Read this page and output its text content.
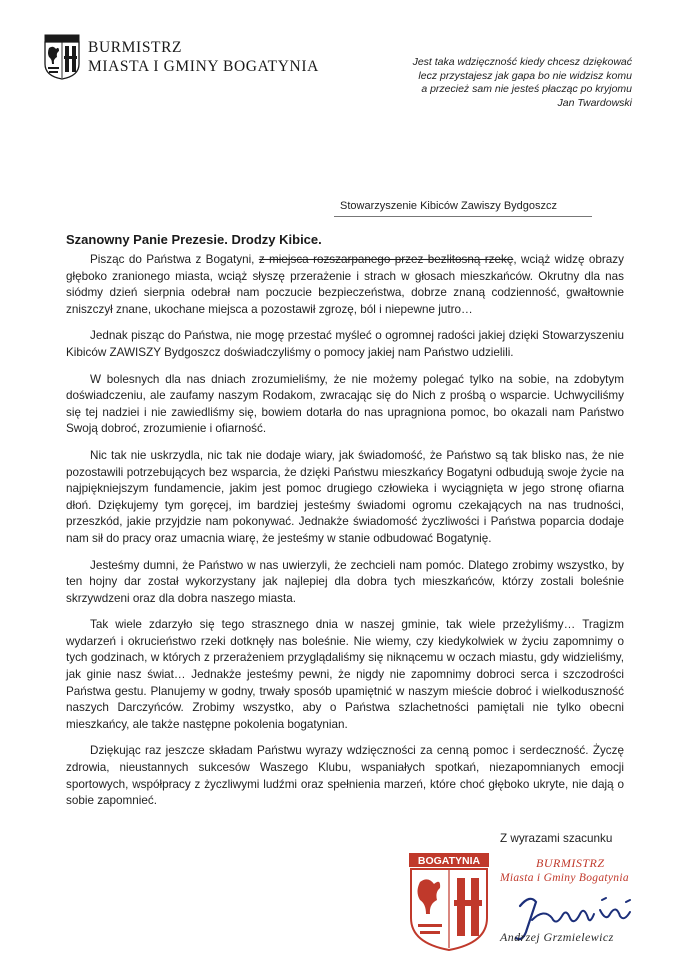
BURMISTRZ
MIASTA I GMINY BOGATYNIA	Jest taka wdzięczność kiedy chcesz dziękować
lecz przystajesz jak gapa bo nie widzisz komu
a przecież sam nie jesteś płacząc po kryjomu
Jan Twardowski
Stowarzyszenie Kibiców Zawiszy Bydgoszcz
Szanowny Panie Prezesie. Drodzy Kibice.

Pisząc do Państwa z Bogatyni, z miejsca rozszarpanego przez bezlitosną rzekę, wciąż widzę obrazy głęboko zranionego miasta, wciąż słyszę przerażenie i strach w głosach mieszkańców. Okrutny dla nas siódmy dzień sierpnia odebrał nam poczucie bezpieczeństwa, dobrze znaną codzienność, gwałtownie zniszczył znane, ukochane miejsca a pozostawił zgrozę, ból i niepewne jutro…

Jednak pisząc do Państwa, nie mogę przestać myśleć o ogromnej radości jakiej dzięki Stowarzyszeniu Kibiców ZAWISZY Bydgoszcz doświadczyliśmy o pomocy jakiej nam Państwo udzielili.

W bolesnych dla nas dniach zrozumieliśmy, że nie możemy polegać tylko na sobie, na zdobytym doświadczeniu, ale zaufamy naszym Rodakom, zwracając się do Nich z prośbą o wsparcie. Uchwyciliśmy się tej nadziei i nie zawiedliśmy się, bowiem dotarła do nas upragniona pomoc, bo okazali nam Państwo Swoją dobroć, zrozumienie i ofiarność.

Nic tak nie uskrzydla, nic tak nie dodaje wiary, jak świadomość, że Państwo są tak blisko nas, że nie pozostawili potrzebujących bez wsparcia, że dzięki Państwu mieszkańcy Bogatyni odbudują swoje życie na najpiękniejszym fundamencie, jakim jest pomoc drugiego człowieka i wyciągnięta w jego stronę ofiarna dłoń. Dziękujemy tym goręcej, im bardziej jesteśmy świadomi ogromu czekających na nas trudności, przeszkód, jakie przyjdzie nam pokonywać. Jednakże świadomość życzliwości i Państwa poparcia dodaje nam sił do pracy oraz umacnia wiarę, że jesteśmy w stanie odbudować Bogatynię.

Jesteśmy dumni, że Państwo w nas uwierzyli, że zechcieli nam pomóc. Dlatego zrobimy wszystko, by ten hojny dar został wykorzystany jak najlepiej dla dobra tych mieszkańców, którzy zostali boleśnie skrzywdzeni oraz dla dobra naszego miasta.

Tak wiele zdarzyło się tego strasznego dnia w naszej gminie, tak wiele przeżyliśmy… Tragizm wydarzeń i okrucieństwo rzeki dotknęły nas boleśnie. Nie wiemy, czy kiedykolwiek w życiu zapomnimy o tych godzinach, w których z przerażeniem przyglądaliśmy się niknącemu w oczach miastu, gdy widzieliśmy, jak ginie nasz świat… Jednakże jesteśmy pewni, że nigdy nie zapomnimy dobroci serca i szczodrości Państwa gestu. Planujemy w godny, trwały sposób upamiętnić w naszym mieście dobroć i wielkoduszność naszych Darczyńców. Zrobimy wszystko, aby o Państwa szlachetności pamiętali nie tylko obecni mieszkańcy, ale także następne pokolenia bogatynian.

Dziękując raz jeszcze składam Państwu wyrazy wdzięczności za cenną pomoc i serdeczność. Życzę zdrowia, nieustannych sukcesów Waszego Klubu, wspaniałych spotkań, niezapomnianych emocji sportowych, współpracy z życzliwymi ludźmi oraz spełnienia marzeń, które choć głęboko ukryte, nie dają o sobie zapomnieć.

Z wyrazami szacunku
BOGATYNIA	BURMISTRZ
Miasta i Gminy Bogatynia
Andrzej Grzmielewicz
